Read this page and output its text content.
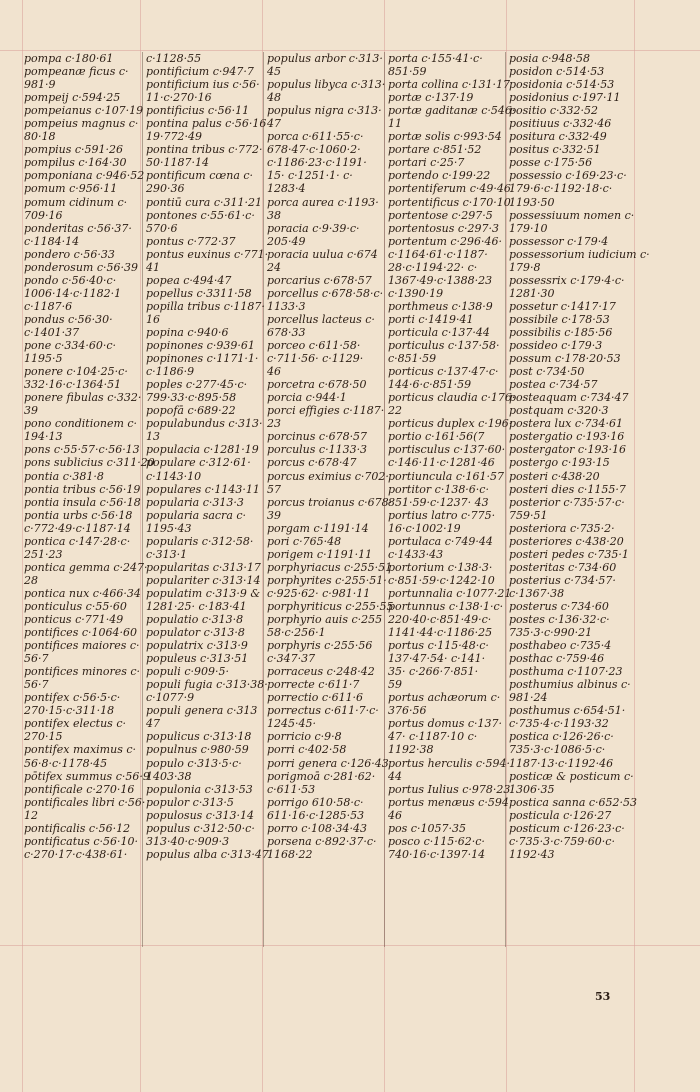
pompa c·180·61
pompeanæ ficus c·
981·9
pompeij c·594·25
pompeianus c·107·19
pompeius magnus c·
80·18
pompius c·591·26
pompilus c·164·30
pomponiana c·946·52
pomum c·956·11
pomum cidinum c·
709·16
ponderitas c·56·37·
c·1184·14
pondero c·56·33
ponderosum c·56·39
pondo c·56·40·c·
1006·14·c·1182·1
c·1187·6
pondus c·56·30·
c·1401·37
pone c·334·60·c·
1195·5
ponere c·104·25·c·
332·16·c·1364·51
ponere fibulas c·332·
39
pono conditionem c·
194·13
pons c·55·57·c·56·13
pons sublicius c·311·20
pontia c·381·8
pontia tribus c·56·19
pontia insula c·56·18
pontia urbs c·56·18
c·772·49·c·1187·14
pontica c·147·28·c·
251·23
pontica gemma c·247·
28
pontica nux c·466·34
ponticulus c·55·60
ponticus c·771·49
pontifices c·1064·60
pontifices maiores c·
56·7
pontifices minores c·
56·7
pontifex c·56·5·c·
270·15·c·311·18
pontifex electus c·
270·15
pontifex maximus c·
56·8·c·1178·45
pōtifex summus c·56·9
pontificale c·270·16
pontificales libri c·56·
12
pontificalis c·56·12
pontificatus c·56·10·
c·270·17·c·438·61·
c·1128·55
pontificium c·947·7
pontificium ius c·56·
11·c·270·16
pontificius c·56·11
pontina palus c·56·16
19·772·49
pontina tribus c·772·
50·1187·14
pontificum cœna c·
290·36
pontiū cura c·311·21
pontones c·55·61·c·
570·6
pontus c·772·37
pontus euxinus c·771·
41
popea c·494·47
popellus c·3311·58
popilla tribus c·1187·
16
popina c·940·6
popinones c·939·61
popinones c·1171·1·
c·1186·9
poples c·277·45·c·
799·33·c·895·58
popofā c·689·22
populabundus c·313·
13
populacia c·1281·19
populare c·312·61·
c·1143·10
populares c·1143·11
popularia c·313·3
popularia sacra c·
1195·43
popularis c·312·58·
c·313·1
popularitas c·313·17
populariter c·313·14
populatim c·313·9 &
1281·25· c·183·41
populatio c·313·8
populator c·313·8
populatrix c·313·9
populeus c·313·51
populi c·909·5·
populi fugia c·313·38·
c·1077·9
populi genera c·313
47
populicus c·313·18
populnus c·980·59
populo c·313·5·c·
1403·38
populonia c·313·53
populor c·313·5
populosus c·313·14
populus c·312·50·c·
313·40·c·909·3
populus alba c·313·47
populus arbor c·313·
45
populus libyca c·313·
48
populus nigra c·313·
47
porca c·611·55·c·
678·47·c·1060·2·
c·1186·23·c·1191·
15· c·1251·1· c·
1283·4
porca aurea c·1193·
38
poracia c·9·39·c·
205·49
poracia uulua c·674
24
porcarius c·678·57
porcellus c·678·58·c·
1133·3
porcellus lacteus c·
678·33
porceo c·611·58·
c·711·56· c·1129·
46
porcetra c·678·50
porcia c·944·1
porci effigies c·1187·
23
porcinus c·678·57
porculus c·1133·3
porcus c·678·47
porcus eximius c·702·
57
porcus troianus c·678·
39
porgam c·1191·14
pori c·765·48
porigem c·1191·11
porphyriacus c·255·51
porphyrites c·255·51·
c·925·62· c·981·11
porphyriticus c·255·55
porphyrio auis c·255
58·c·256·1
porphyris c·255·56
c·347·37
porraceus c·248·42
porrecte c·611·7
porrectio c·611·6
porrectus c·611·7·c·
1245·45·
porricio c·9·8
porri c·402·58
porri genera c·126·43
porigmoā c·281·62·
c·611·53
porrigo 610·58·c·
611·16·c·1285·53
porro c·108·34·43
porsena c·892·37·c·
1168·22
porta c·155·41·c·
851·59
porta collina c·131·17
portæ c·137·19
portæ gaditanæ c·546·
11
portæ solis c·993·54
portare c·851·52
portari c·25·7
portendo c·199·22
portentiferum c·49·46
portentificus c·170·10
portentose c·297·5
portentosus c·297·3
portentum c·296·46·
c·1164·61·c·1187·
28·c·1194·22· c·
1367·49·c·1388·23
c·1390·19
porthmeus c·138·9
porti c·1419·41
porticula c·137·44
porticulus c·137·58·
c·851·59
porticus c·137·47·c·
144·6·c·851·59
porticus claudia c·176·
22
porticus duplex c·196·
portio c·161·56(7
portisculus c·137·60·
c·146·11·c·1281·46
portiuncula c·161·57
portitor c·138·6·c·
851·59·c·1237· 43
portius latro c·775·
16·c·1002·19
portulaca c·749·44
c·1433·43
portorium c·138·3·
c·851·59·c·1242·10
portunnalia c·1077·21
portunnus c·138·1·c·
220·40·c·851·49·c·
1141·44·c·1186·25
portus c·115·48·c·
137·47·54· c·141·
35· c·266·7·851·
59
portus achæorum c·
376·56
portus domus c·137·
47· c·1187·10 c·
1192·38
portus herculis c·594·
44
portus Iulius c·978·23
portus menæus c·594
46
pos c·1057·35
posco c·115·62·c·
740·16·c·1397·14
posia c·948·58
posidon c·514·53
posidonia c·514·53
posidonius c·197·11
positio c·332·52
positiuus c·332·46
positura c·332·49
positus c·332·51
posse c·175·56
possessio c·169·23·c·
179·6·c·1192·18·c·
1193·50
possessiuum nomen c·
179·10
possessor c·179·4
possessorium iudicium c·
179·8
possessrix c·179·4·c·
1281·30
possetur c·1417·17
possibile c·178·53
possibilis c·185·56
possideo c·179·3
possum c·178·20·53
post c·734·50
postea c·734·57
posteaquam c·734·47
postquam c·320·3
postera lux c·734·61
postergatio c·193·16
postergator c·193·16
postergo c·193·15
posteri c·438·20
posteri dies c·1155·7
posterior c·735·57·c·
759·51
posteriora c·735·2·
posteriores c·438·20
posteri pedes c·735·1
posteritas c·734·60
posterius c·734·57·
c·1367·38
posterus c·734·60
postes c·136·32·c·
735·3·c·990·21
posthabeo c·735·4
posthac c·759·46
posthuma c·1107·23
posthumius albinus c·
981·24
posthumus c·654·51·
c·735·4·c·1193·32
postica c·126·26·c·
735·3·c·1086·5·c·
1187·13·c·1192·46
posticæ & posticum c·
1306·35
postica sanna c·652·53
posticula c·126·27
posticum c·126·23·c·
c·735·3·c·759·60·c·
1192·43
53
